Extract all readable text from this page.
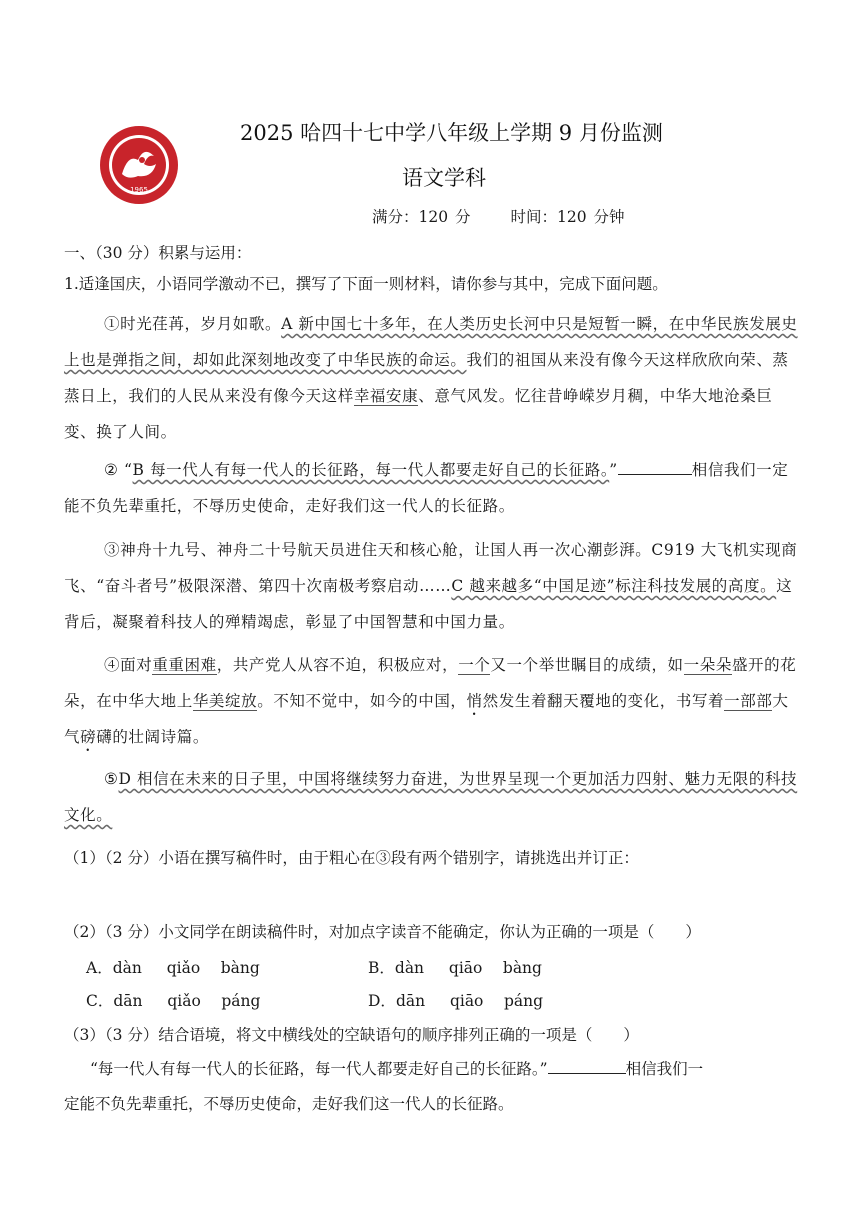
1965
2025 哈四十七中学八年级上学期 9 月份监测
语文学科
满分：120 分	时间：120 分钟
一、（30 分）积累与运用：
1.适逢国庆，小语同学激动不已，撰写了下面一则材料，请你参与其中，完成下面问题。
①时光荏苒，岁月如歌。A 新中国七十多年，在人类历史长河中只是短暂一瞬，在中华民族发展史上也是弹指之间，却如此深刻地改变了中华民族的命运。我们的祖国从来没有像今天这样欣欣向荣、蒸蒸日上，我们的人民从来没有像今天这样幸福安康、意气风发。忆往昔峥嵘岁月稠，中华大地沧桑巨变、换了人间。
② “B 每一代人有每一代人的长征路，每一代人都要走好自己的长征路。”	相信我们一定能不负先辈重托，不辱历史使命，走好我们这一代人的长征路。
③神舟十九号、神舟二十号航天员进住天和核心舱，让国人再一次心潮彭湃。C919 大飞机实现商飞、“奋斗者号”极限深潜、第四十次南极考察启动……C 越来越多“中国足迹”标注科技发展的高度。这背后，凝聚着科技人的殚精竭虑，彰显了中国智慧和中国力量。
④面对重重困难，共产党人从容不迫，积极应对，一个又一个举世瞩目的成绩，如一朵朵盛开的花朵，在中华大地上华美绽放。不知不觉中，如今的中国，悄然发生着翻天覆地的变化，书写着一部部大气磅礴的壮阔诗篇。
⑤D 相信在未来的日子里，中国将继续努力奋进，为世界呈现一个更加活力四射、魅力无限的科技文化。
（1）（2 分）小语在撰写稿件时，由于粗心在③段有两个错别字，请挑选出并订正：
（2）（3 分）小文同学在朗读稿件时，对加点字读音不能确定，你认为正确的一项是（　　）
A．dàn qiǎo bàng	B．dàn qiāo bàng
C．dān qiǎo páng	D．dān qiāo páng
（3）（3 分）结合语境，将文中横线处的空缺语句的顺序排列正确的一项是（　　）
“每一代人有每一代人的长征路，每一代人都要走好自己的长征路。”	相信我们一
定能不负先辈重托，不辱历史使命，走好我们这一代人的长征路。
